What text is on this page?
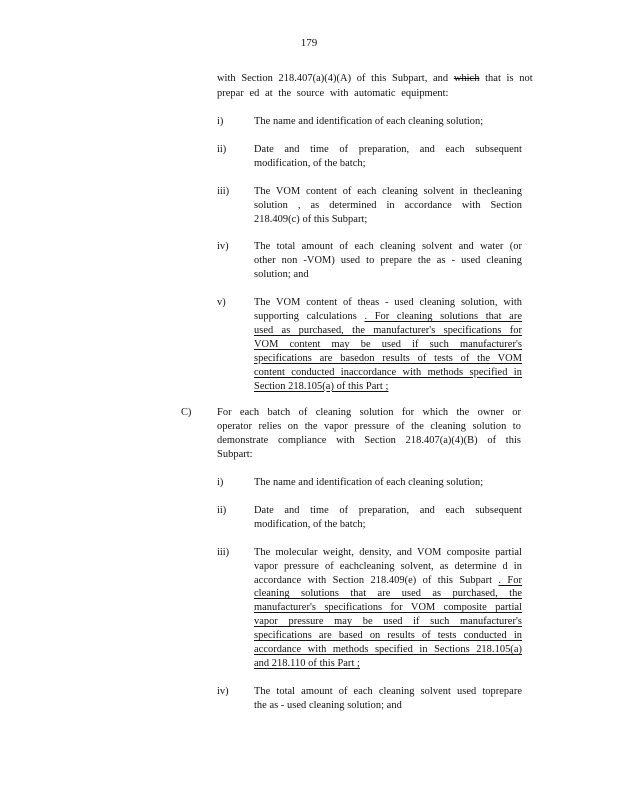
179
with Section 218.407(a)(4)(A) of this Subpart, and which that is not
prepar ed at the source with automatic equipment:
i)	The name and identification of each cleaning solution;
ii)	Date and time of preparation, and each subsequent
modification, of the batch;
iii) The VOM content of each cleaning solvent in thecleaning
solution , as determined in accordance with Section
218.409(c) of this Subpart;
iv) The total amount of each cleaning solvent and water (or
other non -VOM) used to prepare the as - used cleaning
solution; and
v)	The VOM content of theas - used cleaning solution, with
supporting calculations . For cleaning solutions that are
used as purchased, the manufacturer's specifications for
VOM content may be used if such manufacturer's
specifications are basedon results of tests of the VOM
content conducted inaccordance with methods specified in
Section 218.105(a) of this Part ;
C) For each batch of cleaning solution for which the owner or
operator relies on the vapor pressure of the cleaning solution to
demonstrate compliance with Section 218.407(a)(4)(B) of this
Subpart:
i)	The name and identification of each cleaning solution;
ii)	Date and time of preparation, and each subsequent
modification, of the batch;
iii) The molecular weight, density, and VOM composite partial
vapor pressure of eachcleaning solvent, as determine d in
accordance with Section 218.409(e) of this Subpart . For
cleaning solutions that are used as purchased, the
manufacturer's specifications for VOM composite partial
vapor pressure may be used if such manufacturer's
specifications are based on results of tests conducted in
accordance with methods specified in Sections 218.105(a)
and 218.110 of this Part ;
iv) The total amount of each cleaning solvent used toprepare
the as - used cleaning solution; and
